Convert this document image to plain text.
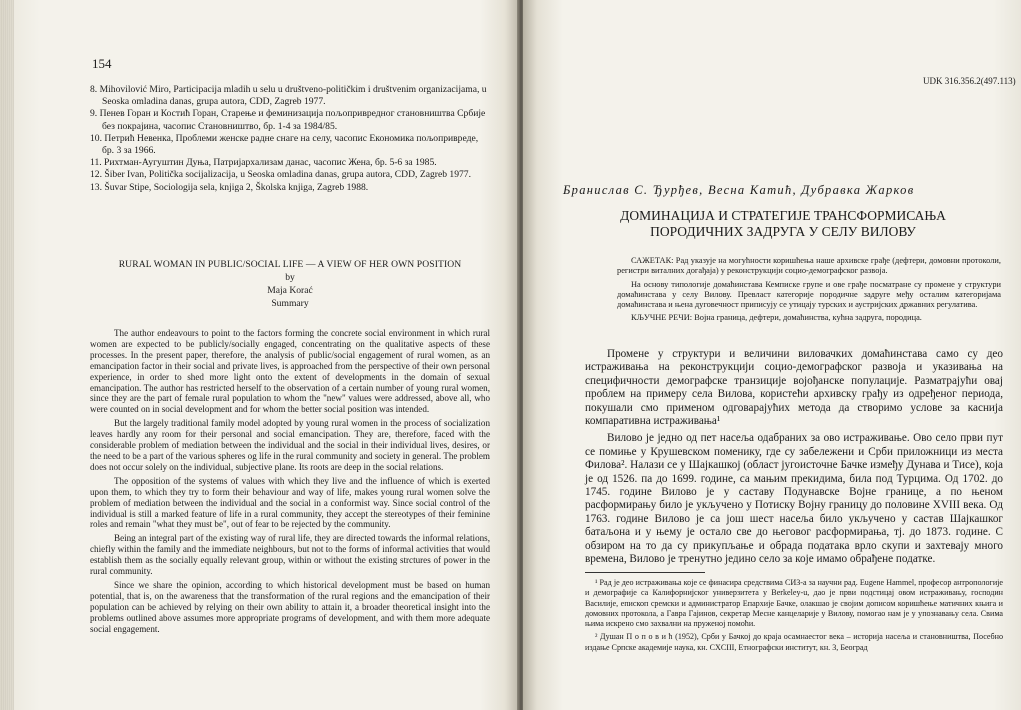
154

8. Mihovilović Miro, Participacija mladih u selu u društveno-političkim i društvenim organizacijama, u Seoska omladina danas, grupa autora, CDD, Zagreb 1977.

9. Пенев Горан и Костић Горан, Старење и феминизација пољопривредног становништва Србије без покрајина, часопис Становништво, бр. 1-4 за 1984/85.

10. Петрић Невенка, Проблеми женске радне снаге на селу, часопис Економика пољопривреде, бр. 3 за 1966.

11. Рихтман-Аугуштин Дуња, Патријархализам данас, часопис Жена, бр. 5-6 за 1985.

12. Šiber Ivan, Politička socijalizacija, u Seoska omladina danas, grupa autora, CDD, Zagreb 1977.

13. Šuvar Stipe, Sociologija sela, knjiga 2, Školska knjiga, Zagreb 1988.

RURAL WOMAN IN PUBLIC/SOCIAL LIFE — A VIEW OF HER OWN POSITION
by
Maja Korać
Summary

The author endeavours to point to the factors forming the concrete social environment in which rural women are expected to be publicly/socially engaged, concentrating on the qualitative aspects of these processes. In the present paper, therefore, the analysis of public/social engagement of rural women, as an emancipation factor in their social and private lives, is approached from the perspective of their own personal experience, in order to shed more light onto the extent of developments in the domain of sexual emancipation. The author has restricted herself to the observation of a certain number of young rural women, since they are the part of female rural population to whom the "new" values were addressed, above all, who were counted on in social development and for whom the better social position was intended.

But the largely traditional family model adopted by young rural women in the process of socialization leaves hardly any room for their personal and social emancipation. They are, therefore, faced with the considerable problem of mediation between the individual and the social in their individual lives, desires, or the need to be a part of the various spheres og life in the rural community and society in general. The problem does not occur solely on the individual, subjective plane. Its roots are deep in the social relations.

The opposition of the systems of values with which they live and the influence of which is exerted upon them, to which they try to form their behaviour and way of life, makes young rural women solve the problem of mediation between the individual and the social in a conformist way. Since social control of the individual is still a marked feature of life in a rural community, they accept the stereotypes of their feminine roles and remain "what they must be", out of fear to be rejected by the community.

Being an integral part of the existing way of rural life, they are directed towards the informal relations, chiefly within the family and the immediate neighbours, but not to the forms of informal activities that would establish them as the socially equally relevant group, within or without the existing strctures of power in the rural community.

Since we share the opinion, according to which historical development must be based on human potential, that is, on the awareness that the transformation of the rural regions and the emancipation of their population can be achieved by relying on their own ability to attain it, a broader theoretical insight into the problems outlined above assumes more appropriate programs of development, and with them more adequate social engagement.

UDK 316.356.2(497.113)
Бранислав С. Ђурђев, Весна Катић, Дубравка Жарков
ДОМИНАЦИЈА И СТРАТЕГИЈЕ ТРАНСФОРМИСАЊА
ПОРОДИЧНИХ ЗАДРУГА У СЕЛУ ВИЛОВУ

САЖЕТАК: Рад указује на могућности коришћења наше архивске грађе (дефтери, домовни протоколи, регистри виталних догађаја) у реконструкцији социо-демографског развоја.

На основу типологије домаћинстава Кемписке групе и ове грађе посматране су промене у структури домаћинстава у селу Вилову. Превласт категорије породичне задруге међу осталим категоријама домаћинстава и њена дуговечност приписују се утицају турских и аустријских државних регулатива.

КЉУЧНЕ РЕЧИ: Војна граница, дефтери, домаћинства, кућна задруга, породица.

Промене у структури и величини виловачких домаћинстава само су део истраживања на реконструкцији социо-демографског развоја и указивања на специфичности демографске транзиције војођанске популације. Разматрајући овај проблем на примеру села Вилова, користећи архивску грађу из одређеног периода, покушали смо применом одговарајућих метода да створимо услове за каснија компаративна истраживања¹

Вилово је једно од пет насеља одабраних за ово истраживање. Ово село први пут се помиње у Крушевском поменику, где су забележени и Срби приложници из места Филова². Налази се у Шајкашкој (област југоисточне Бачке између Дунава и Тисе), која је од 1526. па до 1699. године, са мањим прекидима, била под Турцима. Од 1702. до 1745. године Вилово је у саставу Подунавске Војне границе, а по њеном расформирању било је укључено у Потиску Војну границу до половине XVIII века. Од 1763. године Вилово је са још шест насеља било укључено у састав Шајкашког батаљона и у њему је остало све до његовог расформирања, тј. до 1873. године. С обзиром на то да су прикупљање и обрада података врло скупи и захтевају много времена, Вилово је тренутно једино село за које имамо обрађене податке.

¹ Рад је део истраживања које се финасира средствима СИЗ-а за научни рад. Eugene Hammel, професор антропологије и демографије са Калифорнијског универзитета у Berkeley-u, дао је први подстицај овом истраживању, господин Василије, епископ сремски и администратор Епархије Бачке, олакшао је својим дописом коришћење матичних књига и домовних протокола, а Гавра Гајинов, секретар Месне канцеларије у Вилову, помогао нам је у упознавању села. Свима њима искрено смо захвални на пруженој помоћи.

² Душан П о п о в и ћ (1952), Срби у Бачкој до краја осамнаестог века – историја насеља и становништва, Посебно издање Српске академије наука, кн. CXCIII, Етнографски институт, кн. 3, Београд
